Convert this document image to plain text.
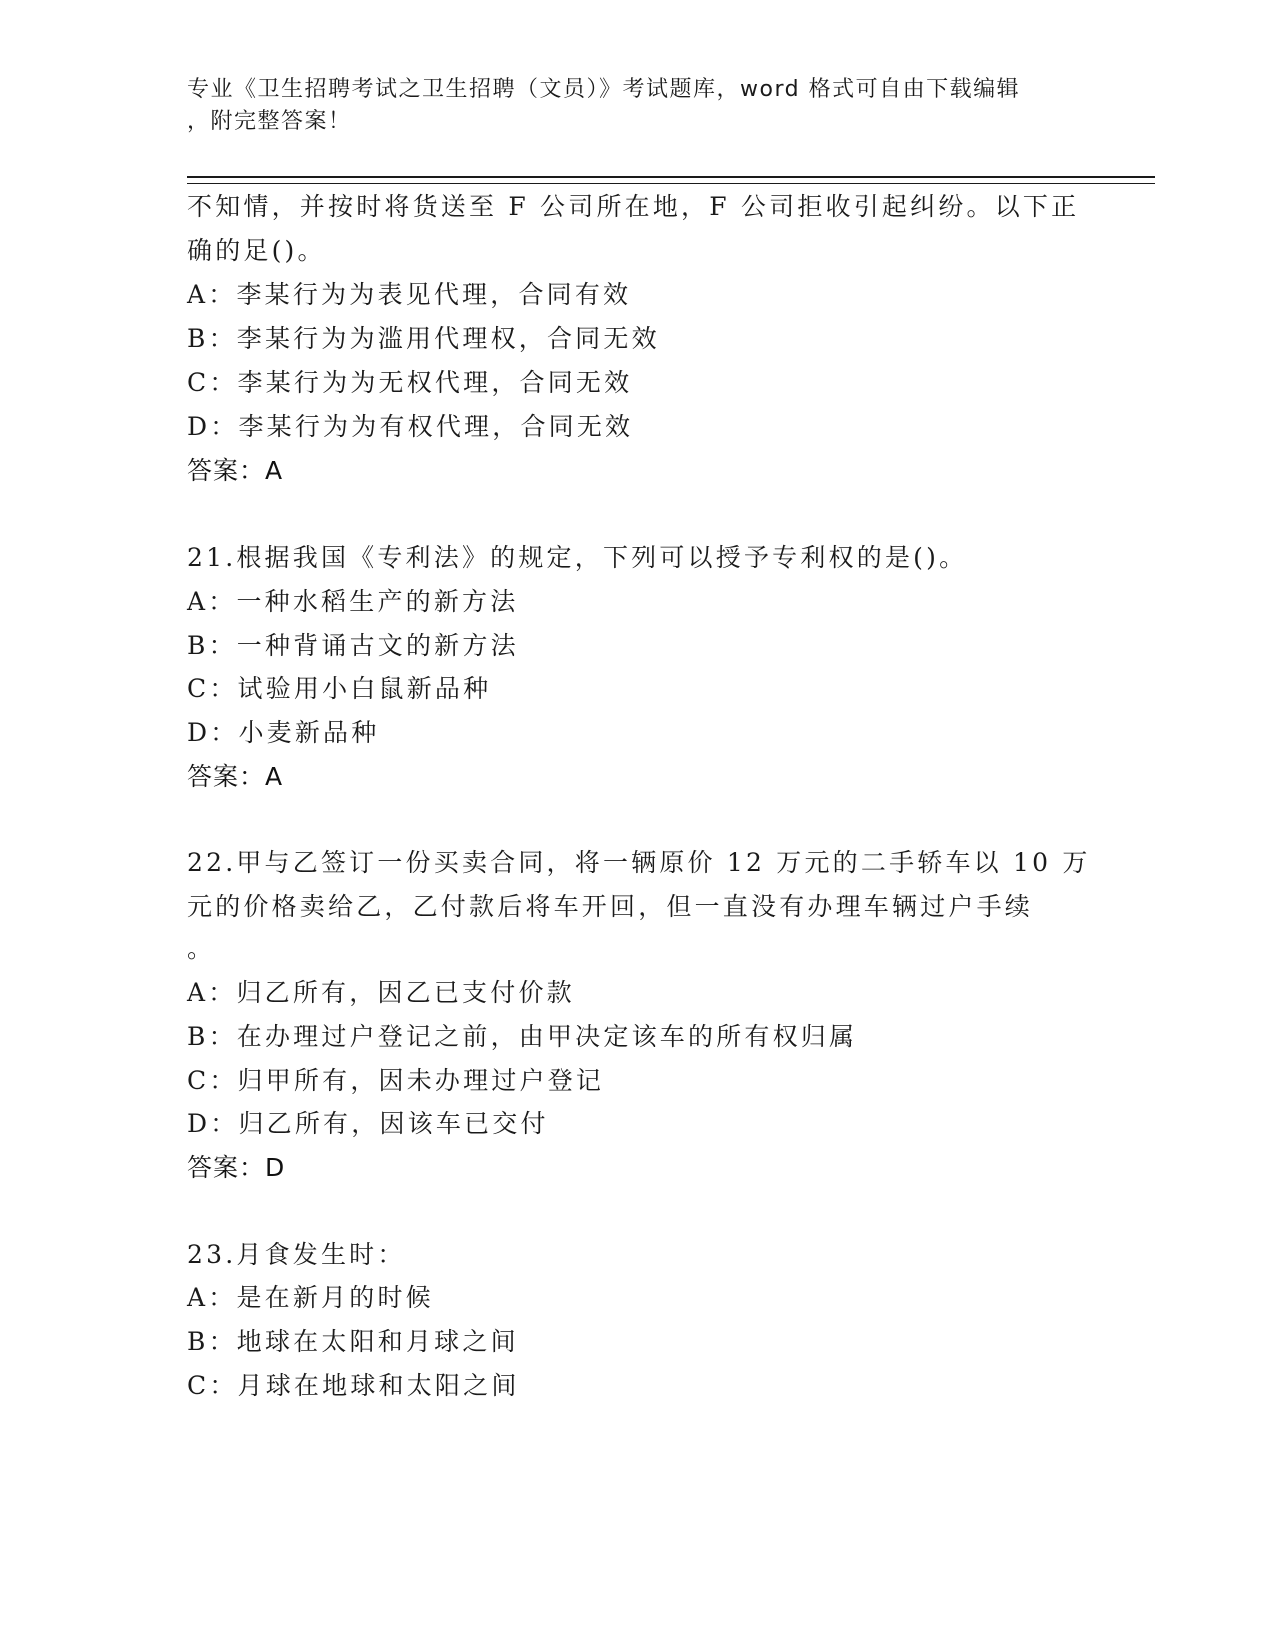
专业《卫生招聘考试之卫生招聘（文员）》考试题库，word 格式可自由下载编辑
，附完整答案！
不知情，并按时将货送至 F 公司所在地，F 公司拒收引起纠纷。以下正
确的足()。
A：李某行为为表见代理，合同有效
B：李某行为为滥用代理权，合同无效
C：李某行为为无权代理，合同无效
D：李某行为为有权代理，合同无效
答案：A
21.根据我国《专利法》的规定，下列可以授予专利权的是()。
A：一种水稻生产的新方法
B：一种背诵古文的新方法
C：试验用小白鼠新品种
D：小麦新品种
答案：A
22.甲与乙签订一份买卖合同，将一辆原价 12 万元的二手轿车以 10 万
元的价格卖给乙，乙付款后将车开回，但一直没有办理车辆过户手续
。
A：归乙所有，因乙已支付价款
B：在办理过户登记之前，由甲决定该车的所有权归属
C：归甲所有，因未办理过户登记
D：归乙所有，因该车已交付
答案：D
23.月食发生时：
A：是在新月的时候
B：地球在太阳和月球之间
C：月球在地球和太阳之间
